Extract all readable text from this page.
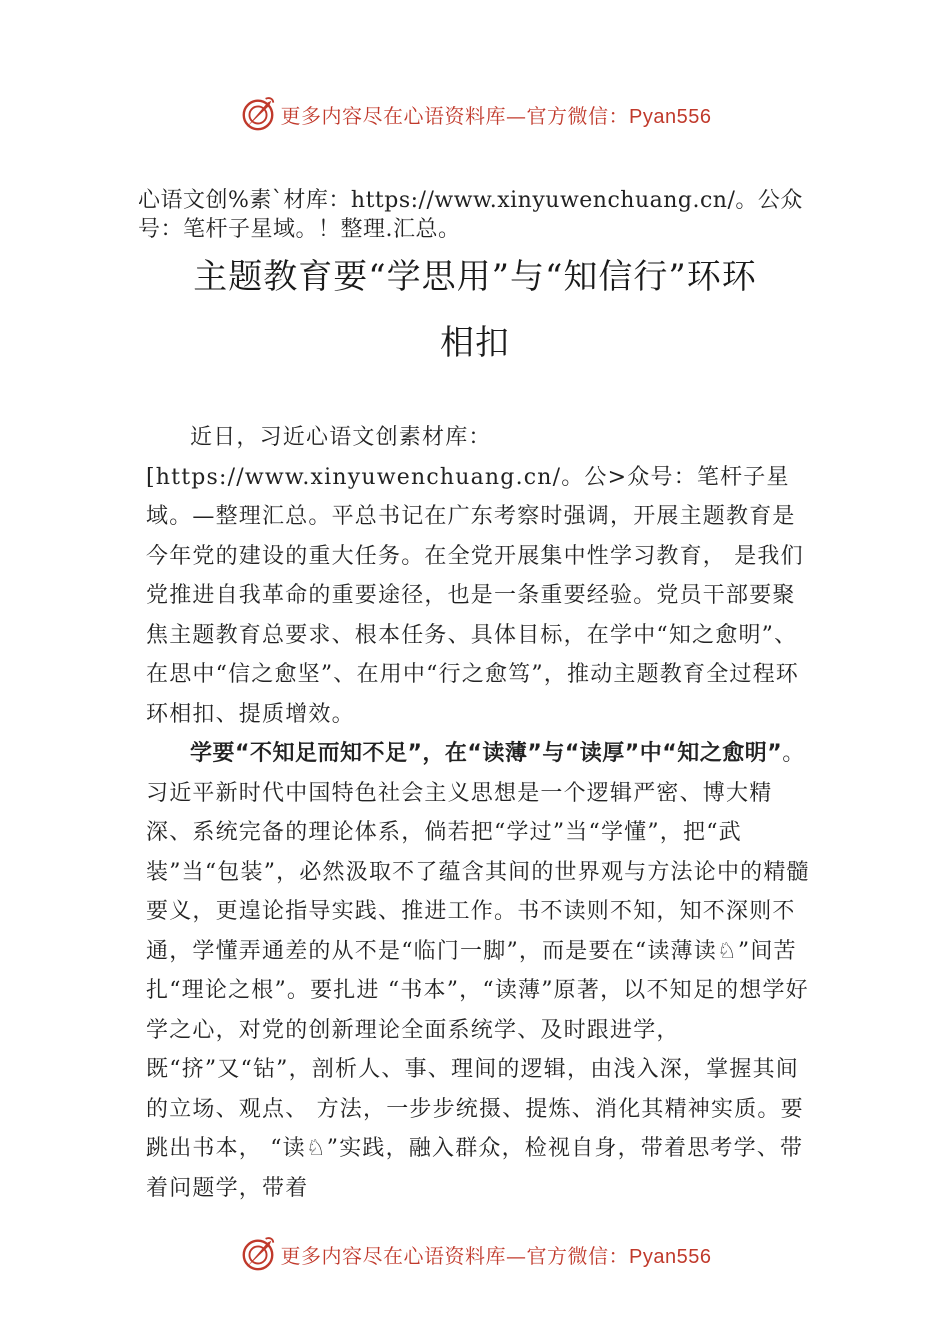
更多内容尽在心语资料库—官方微信：Pyan556
心语文创%素`材库：https://www.xinyuwenchuang.cn/。公众号：笔杆子星域。！整理.汇总。
主题教育要“学思用”与“知信行”环环
相扣

近日，习近心语文创素材库：[https://www.xinyuwenchuang.cn/。公>众号：笔杆子星域。—整理汇总。平总书记在广东考察时强调，开展主题教育是今年党的建设的重大任务。在全党开展集中性学习教育， 是我们党推进自我革命的重要途径，也是一条重要经验。党员干部要聚焦主题教育总要求、根本任务、具体目标，在学中“知之愈明”、在思中“信之愈坚”、在用中“行之愈笃”，推动主题教育全过程环环相扣、提质增效。

学要“不知足而知不足”，在“读薄”与“读厚”中“知之愈明”。习近平新时代中国特色社会主义思想是一个逻辑严密、博大精深、系统完备的理论体系，倘若把“学过”当“学懂”，把“武装”当“包装”，必然汲取不了蕴含其间的世界观与方法论中的精髓要义，更遑论指导实践、推进工作。书不读则不知，知不深则不通，学懂弄通差的从不是“临门一脚”，而是要在“读薄读♘”间苦扎“理论之根”。要扎进 “书本”，“读薄”原著，以不知足的想学好学之心，对党的创新理论全面系统学、及时跟进学，既“挤”又“钻”，剖析人、事、理间的逻辑，由浅入深，掌握其间的立场、观点、 方法，一步步统摄、提炼、消化其精神实质。要跳出书本， “读♘”实践，融入群众，检视自身，带着思考学、带着问题学，带着

更多内容尽在心语资料库—官方微信：Pyan556
